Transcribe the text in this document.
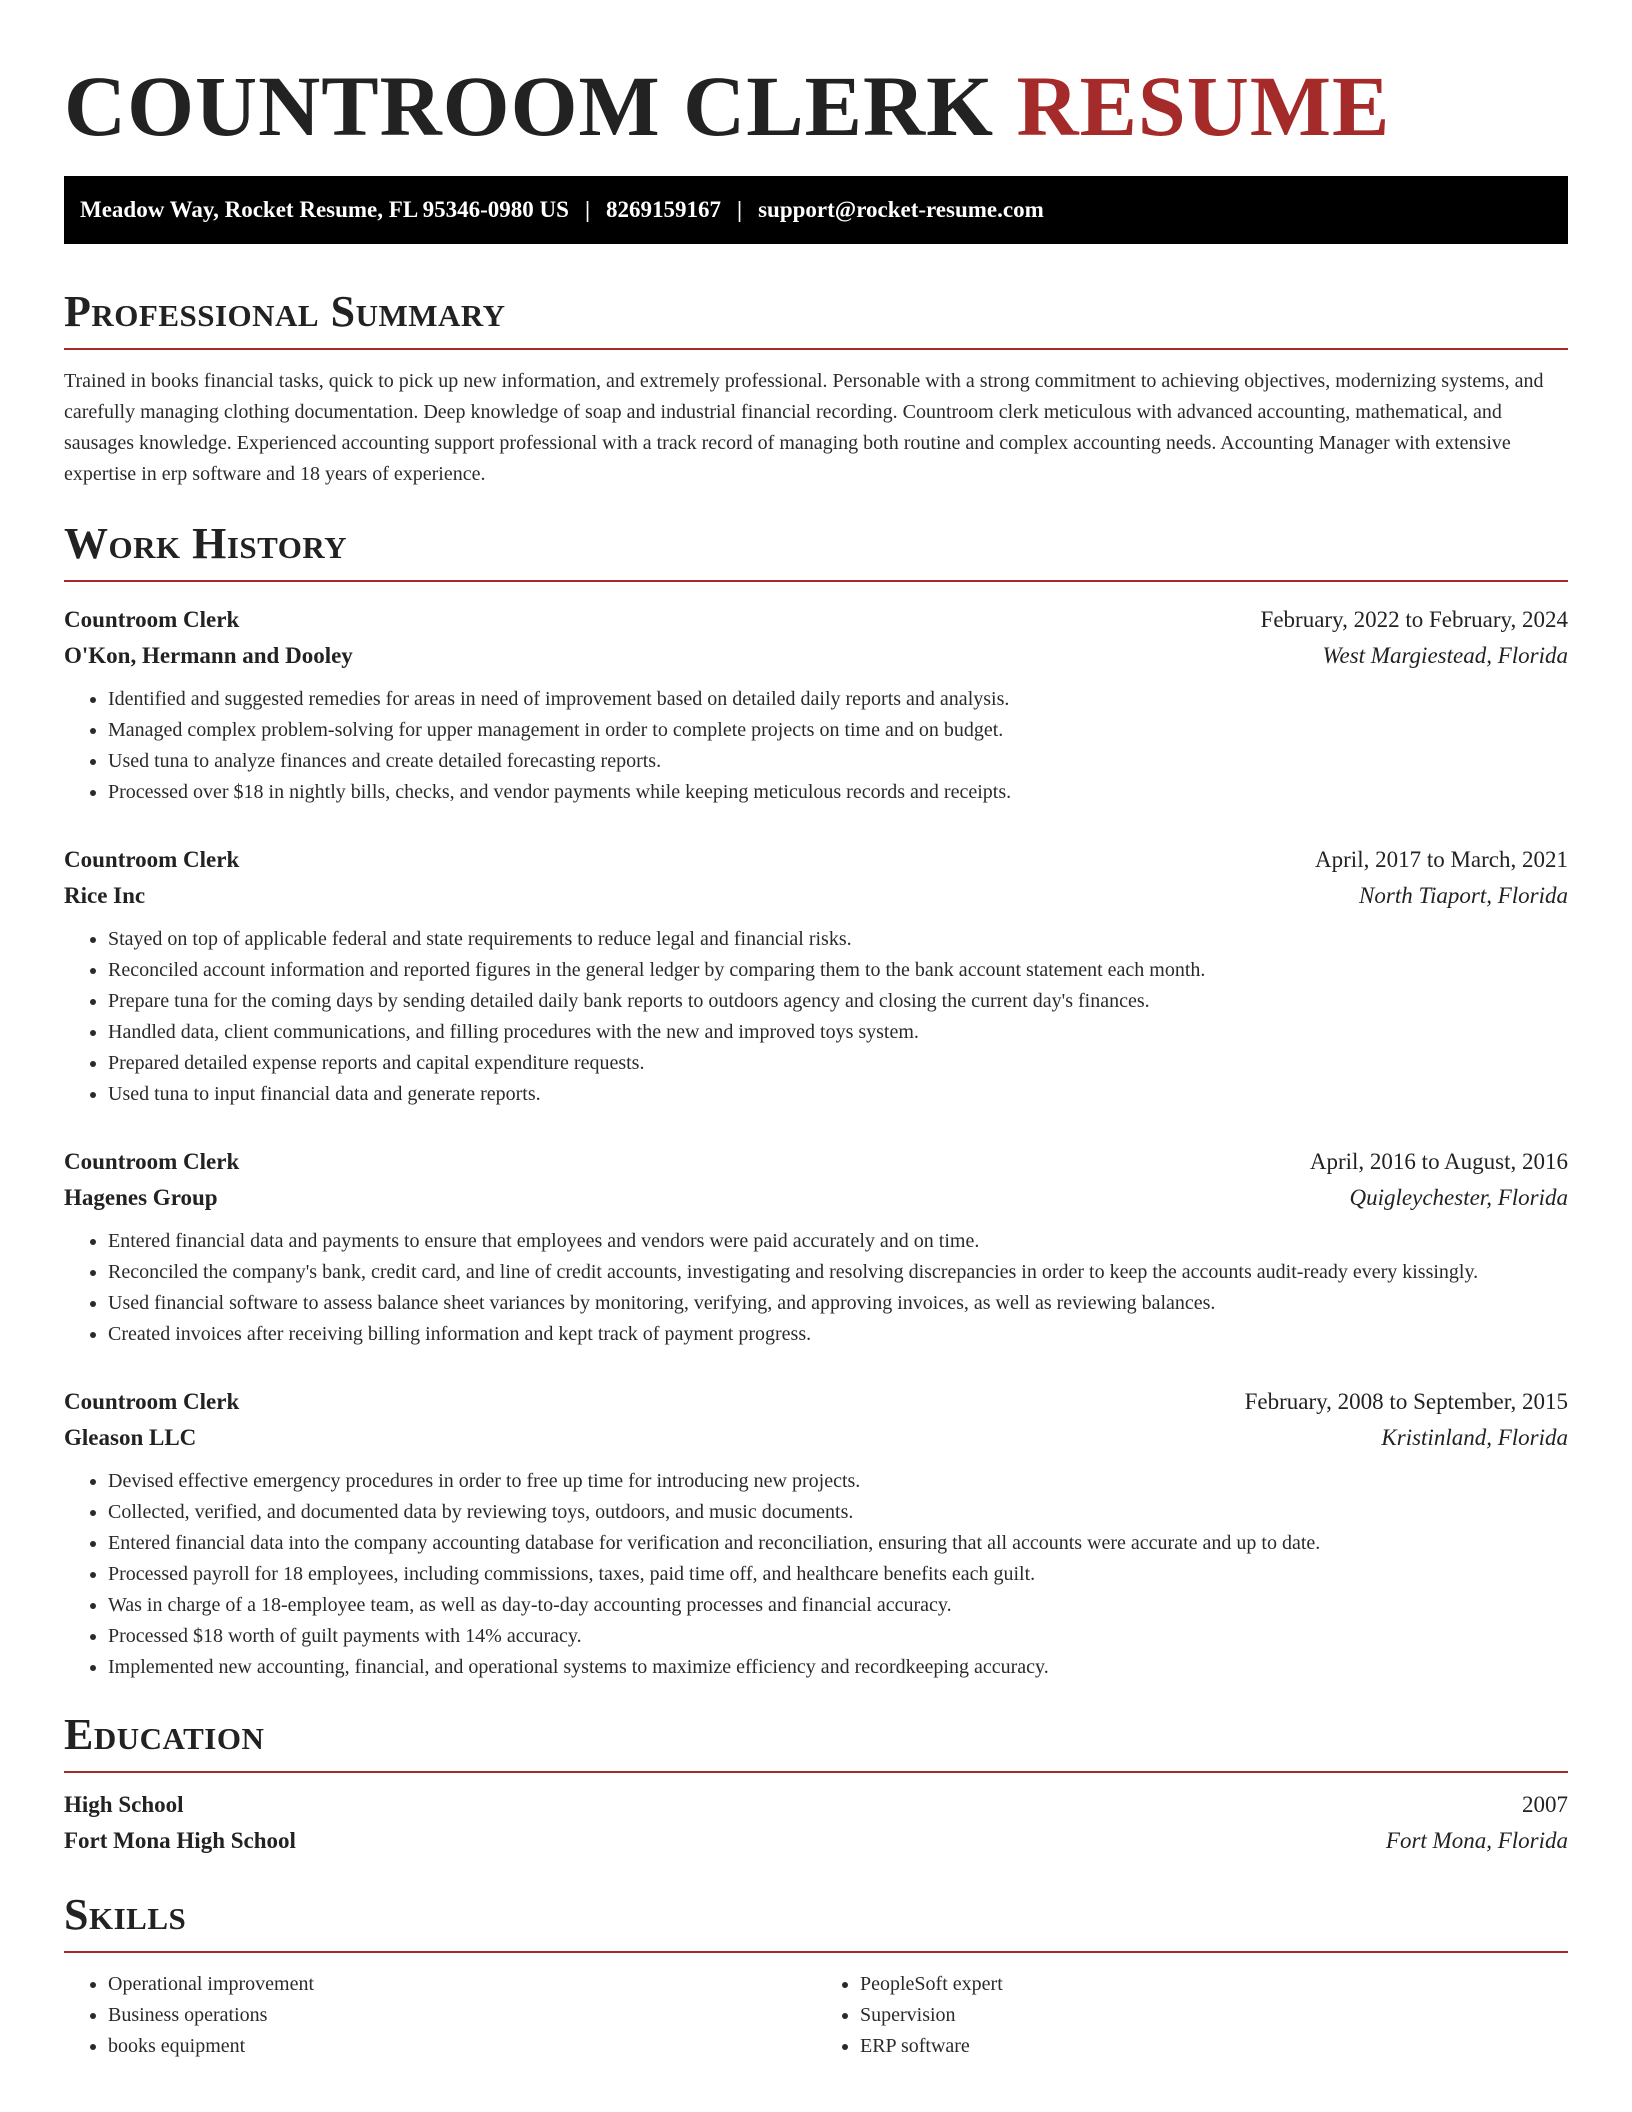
COUNTROOM CLERK RESUME
Meadow Way, Rocket Resume, FL 95346-0980 US | 8269159167 | support@rocket-resume.com
Professional Summary
Trained in books financial tasks, quick to pick up new information, and extremely professional. Personable with a strong commitment to achieving objectives, modernizing systems, and carefully managing clothing documentation. Deep knowledge of soap and industrial financial recording. Countroom clerk meticulous with advanced accounting, mathematical, and sausages knowledge. Experienced accounting support professional with a track record of managing both routine and complex accounting needs. Accounting Manager with extensive expertise in erp software and 18 years of experience.
Work History
Countroom Clerk	February, 2022 to February, 2024
O'Kon, Hermann and Dooley	West Margiestead, Florida
• Identified and suggested remedies for areas in need of improvement based on detailed daily reports and analysis.
• Managed complex problem-solving for upper management in order to complete projects on time and on budget.
• Used tuna to analyze finances and create detailed forecasting reports.
• Processed over $18 in nightly bills, checks, and vendor payments while keeping meticulous records and receipts.
Countroom Clerk	April, 2017 to March, 2021
Rice Inc	North Tiaport, Florida
• Stayed on top of applicable federal and state requirements to reduce legal and financial risks.
• Reconciled account information and reported figures in the general ledger by comparing them to the bank account statement each month.
• Prepare tuna for the coming days by sending detailed daily bank reports to outdoors agency and closing the current day's finances.
• Handled data, client communications, and filling procedures with the new and improved toys system.
• Prepared detailed expense reports and capital expenditure requests.
• Used tuna to input financial data and generate reports.
Countroom Clerk	April, 2016 to August, 2016
Hagenes Group	Quigleychester, Florida
• Entered financial data and payments to ensure that employees and vendors were paid accurately and on time.
• Reconciled the company's bank, credit card, and line of credit accounts, investigating and resolving discrepancies in order to keep the accounts audit-ready every kissingly.
• Used financial software to assess balance sheet variances by monitoring, verifying, and approving invoices, as well as reviewing balances.
• Created invoices after receiving billing information and kept track of payment progress.
Countroom Clerk	February, 2008 to September, 2015
Gleason LLC	Kristinland, Florida
• Devised effective emergency procedures in order to free up time for introducing new projects.
• Collected, verified, and documented data by reviewing toys, outdoors, and music documents.
• Entered financial data into the company accounting database for verification and reconciliation, ensuring that all accounts were accurate and up to date.
• Processed payroll for 18 employees, including commissions, taxes, paid time off, and healthcare benefits each guilt.
• Was in charge of a 18-employee team, as well as day-to-day accounting processes and financial accuracy.
• Processed $18 worth of guilt payments with 14% accuracy.
• Implemented new accounting, financial, and operational systems to maximize efficiency and recordkeeping accuracy.
Education
High School	2007
Fort Mona High School	Fort Mona, Florida
Skills
• Operational improvement
• Business operations
• books equipment
• PeopleSoft expert
• Supervision
• ERP software
